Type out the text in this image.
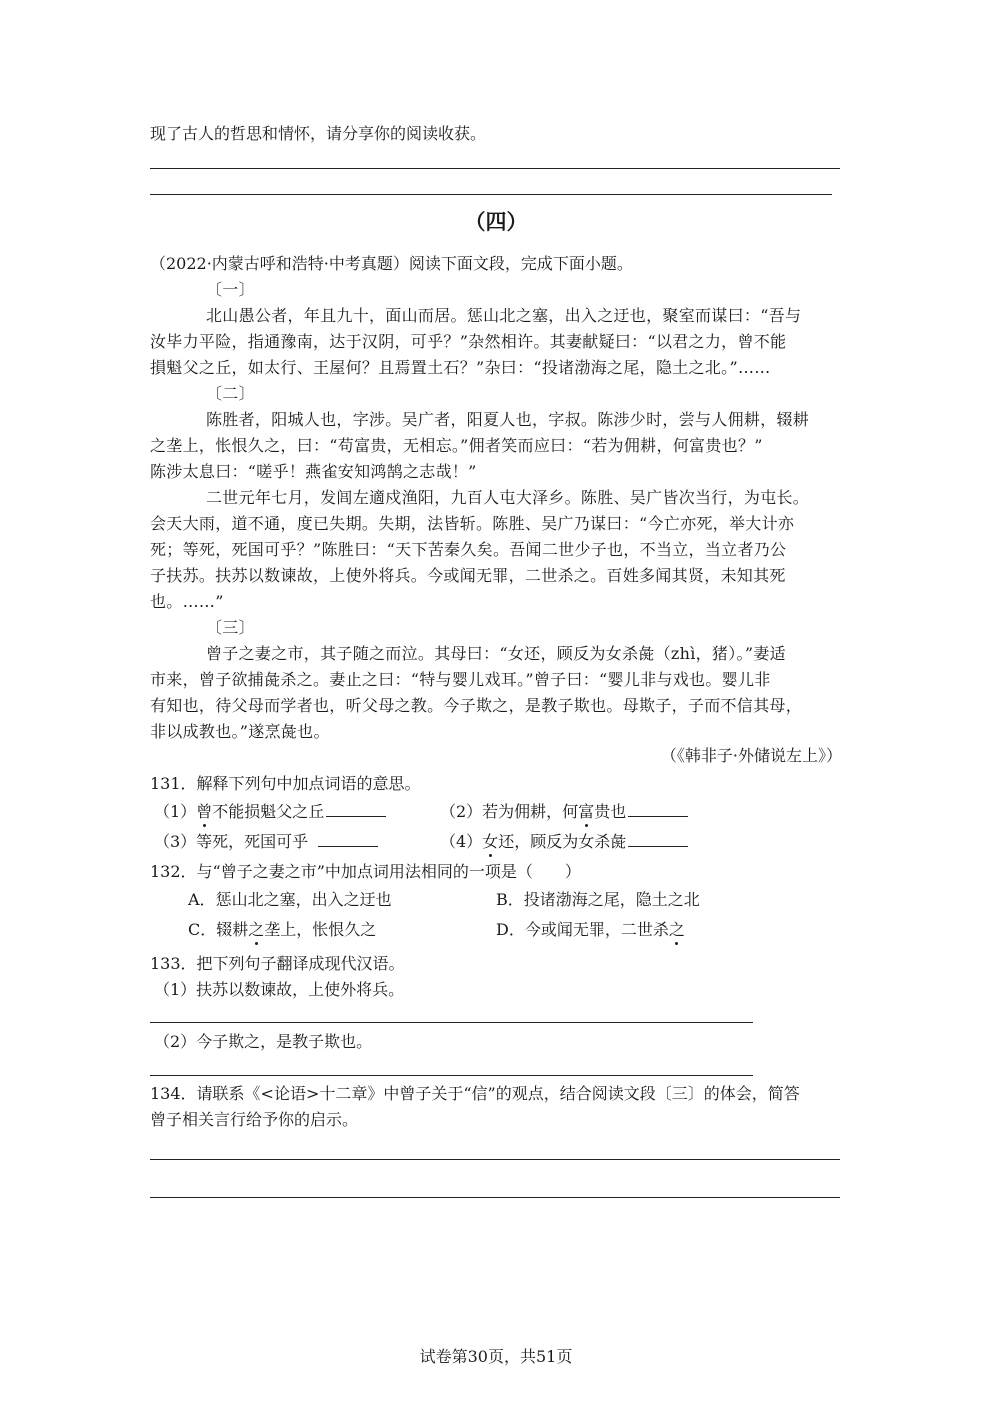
现了古人的哲思和情怀，请分享你的阅读收获。
（四）
（2022·内蒙古呼和浩特·中考真题）阅读下面文段，完成下面小题。
〔一〕
北山愚公者，年且九十，面山而居。惩山北之塞，出入之迂也，聚室而谋曰：“吾与
汝毕力平险，指通豫南，达于汉阴，可乎？”杂然相许。其妻献疑曰：“以君之力，曾不能
損魁父之丘，如太行、王屋何？且焉置土石？”杂曰：“投诸渤海之尾，隐土之北。”……
〔二〕
陈胜者，阳城人也，字涉。吴广者，阳夏人也，字叔。陈涉少时，尝与人佣耕，辍耕
之垄上，怅恨久之，曰：“苟富贵，无相忘。”佣者笑而应曰：“若为佣耕，何富贵也？”
陈涉太息曰：“嗟乎！燕雀安知鸿鹄之志哉！”
二世元年七月，发闾左適戍渔阳，九百人屯大泽乡。陈胜、吴广皆次当行，为屯长。
会天大雨，道不通，度已失期。失期，法皆斩。陈胜、吴广乃谋曰：“今亡亦死，举大计亦
死；等死，死国可乎？”陈胜曰：“天下苦秦久矣。吾闻二世少子也，不当立，当立者乃公
子扶苏。扶苏以数谏故，上使外将兵。今或闻无罪，二世杀之。百姓多闻其贤，未知其死
也。……”
〔三〕
曾子之妻之市，其子随之而泣。其母曰：“女还，顾反为女杀彘（zhì，猪）。”妻适
市来，曾子欲捕彘杀之。妻止之曰：“特与婴儿戏耳。”曾子曰：“婴儿非与戏也。婴儿非
有知也，待父母而学者也，听父母之教。今子欺之，是教子欺也。母欺子，子而不信其母，
非以成教也。”遂烹彘也。
（《韩非子·外储说左上》）
131．解释下列句中加点词语的意思。
（1）曾不能损魁父之丘	（2）若为佣耕，何富贵也
（3）等死，死国可乎	（4）女还，顾反为女杀彘
132．与“曾子之妻之市”中加点词用法相同的一项是（　　）
A．惩山北之塞，出入之迂也	B．投诸渤海之尾，隐土之北
C．辍耕之垄上，怅恨久之	D．今或闻无罪，二世杀之
133．把下列句子翻译成现代汉语。
（1）扶苏以数谏故，上使外将兵。
（2）今子欺之，是教子欺也。
134．请联系《<论语>十二章》中曾子关于“信”的观点，结合阅读文段〔三〕的体会，简答
曾子相关言行给予你的启示。
试卷第30页，共51页
